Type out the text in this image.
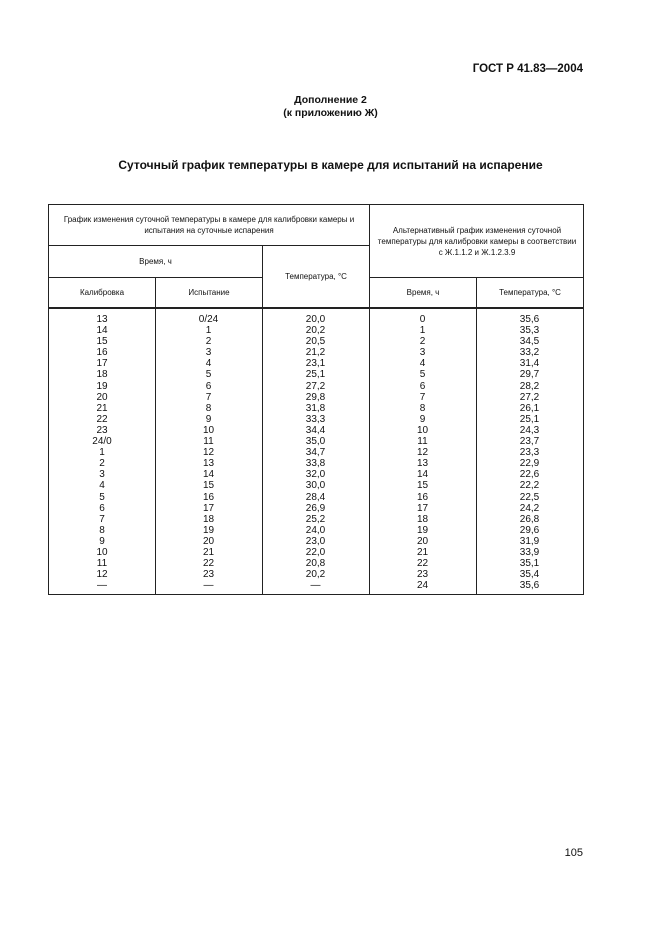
ГОСТ Р 41.83—2004
Дополнение 2
(к приложению Ж)
Суточный график температуры в камере для испытаний на испарение
График изменения суточной температуры в камере для калибровки камеры и испытания на суточные испарения	Альтернативный график изменения суточной температуры для калибровки камеры в соответствии с Ж.1.1.2 и Ж.1.2.3.9
Время, ч
Температура, °С
Калибровка	Испытание	Время, ч	Температура, °С
13	0/24	20,0	0	35,6
14	1	20,2	1	35,3
15	2	20,5	2	34,5
16	3	21,2	3	33,2
17	4	23,1	4	31,4
18	5	25,1	5	29,7
19	6	27,2	6	28,2
20	7	29,8	7	27,2
21	8	31,8	8	26,1
22	9	33,3	9	25,1
23	10	34,4	10	24,3
24/0	11	35,0	11	23,7
1	12	34,7	12	23,3
2	13	33,8	13	22,9
3	14	32,0	14	22,6
4	15	30,0	15	22,2
5	16	28,4	16	22,5
6	17	26,9	17	24,2
7	18	25,2	18	26,8
8	19	24,0	19	29,6
9	20	23,0	20	31,9
10	21	22,0	21	33,9
11	22	20,8	22	35,1
12	23	20,2	23	35,4
—	—	—	24	35,6
105
